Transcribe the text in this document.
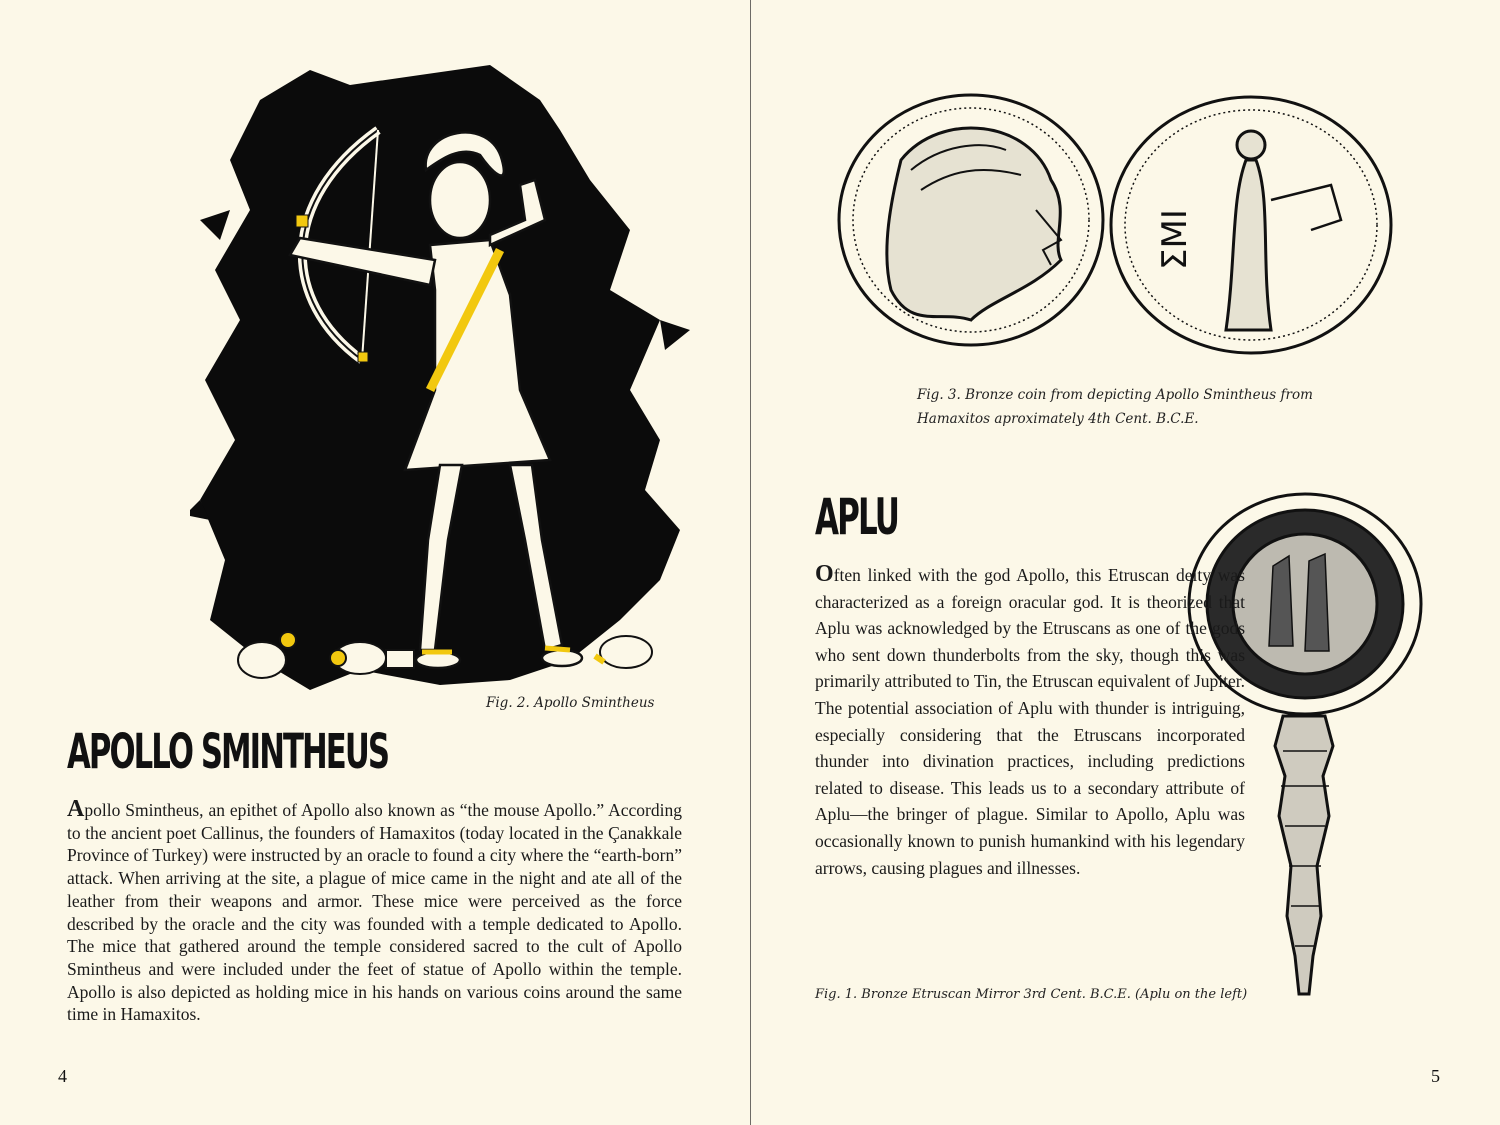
Fig. 2. Apollo Smintheus
APOLLO SMINTHEUS

Apollo Smintheus, an epithet of Apollo also known as “the mouse Apollo.” According to the ancient poet Callinus, the founders of Hamaxitos (today located in the Çanakkale Province of Turkey) were instructed by an oracle to found a city where the “earth-born” attack. When arriving at the site, a plague of mice came in the night and ate all of the leather from their weapons and armor. These mice were perceived as the force described by the oracle and the city was founded with a temple dedicated to Apollo. The mice that gathered around the temple considered sacred to the cult of Apollo Smintheus and were included under the feet of statue of Apollo within the temple. Apollo is also depicted as holding mice in his hands on various coins around the same time in Hamaxitos.

4
ΣΜΙ
Fig. 3. Bronze coin from depicting Apollo Smintheus from Hamaxitos aproximately 4th Cent. B.C.E.
APLU

Often linked with the god Apollo, this Etruscan deity was characterized as a foreign oracular god. It is theorized that Aplu was acknowledged by the Etruscans as one of the gods who sent down thunderbolts from the sky, though this was primarily attributed to Tin, the Etruscan equivalent of Jupiter. The potential association of Aplu with thunder is intriguing, especially considering that the Etruscans incorporated thunder into divination practices, including predictions related to disease. This leads us to a secondary attribute of Aplu—the bringer of plague. Similar to Apollo, Aplu was occasionally known to punish humankind with his legendary arrows, causing plagues and illnesses.

Fig. 1. Bronze Etruscan Mirror 3rd Cent. B.C.E. (Aplu on the left)
5
